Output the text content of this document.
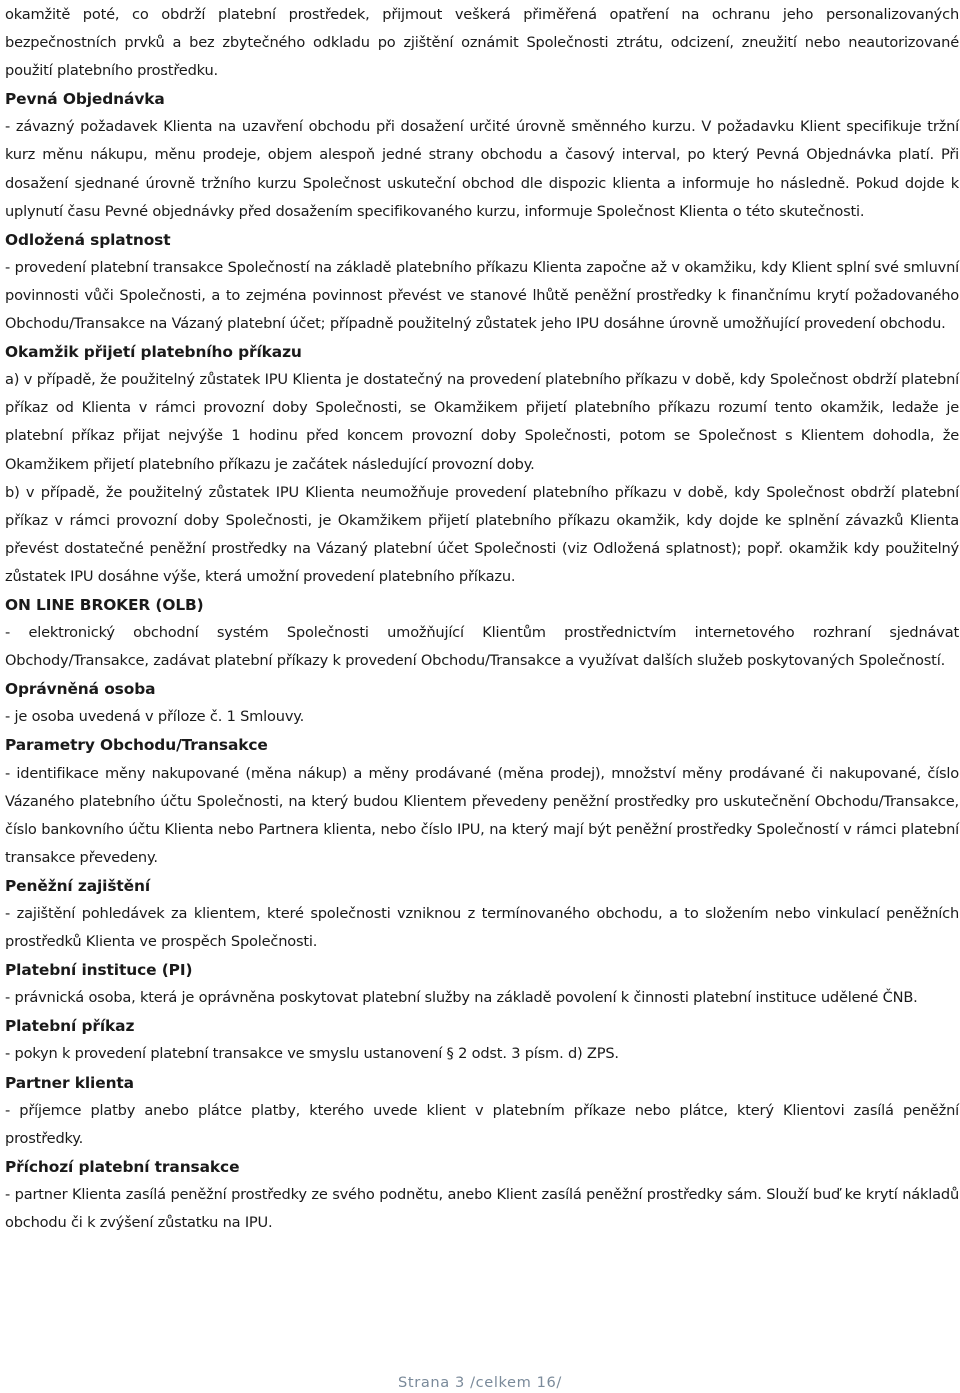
okamžitě poté, co obdrží platební prostředek, přijmout veškerá přiměřená opatření na ochranu jeho personalizovaných bezpečnostních prvků a bez zbytečného odkladu po zjištění oznámit Společnosti ztrátu, odcizení, zneužití nebo neautorizované použití platebního prostředku.

Pevná Objednávka

- závazný požadavek Klienta na uzavření obchodu při dosažení určité úrovně směnného kurzu. V požadavku Klient specifikuje tržní kurz měnu nákupu, měnu prodeje, objem alespoň jedné strany obchodu a časový interval, po který Pevná Objednávka platí. Při dosažení sjednané úrovně tržního kurzu Společnost uskuteční obchod dle dispozic klienta a informuje ho následně. Pokud dojde k uplynutí času Pevné objednávky před dosažením specifikovaného kurzu, informuje Společnost Klienta o této skutečnosti.

Odložená splatnost

- provedení platební transakce Společností na základě platebního příkazu Klienta započne až v okamžiku, kdy Klient splní své smluvní povinnosti vůči Společnosti, a to zejména povinnost převést ve stanové lhůtě peněžní prostředky k finančnímu krytí požadovaného Obchodu/Transakce na Vázaný platební účet; případně použitelný zůstatek jeho IPU dosáhne úrovně umožňující provedení obchodu.

Okamžik přijetí platebního příkazu

a) v případě, že použitelný zůstatek IPU Klienta je dostatečný na provedení platebního příkazu v době, kdy Společnost obdrží platební příkaz od Klienta v rámci provozní doby Společnosti, se Okamžikem přijetí platebního příkazu rozumí tento okamžik, ledaže je platební příkaz přijat nejvýše 1 hodinu před koncem provozní doby Společnosti, potom se Společnost s Klientem dohodla, že Okamžikem přijetí platebního příkazu je začátek následující provozní doby.

b) v případě, že použitelný zůstatek IPU Klienta neumožňuje provedení platebního příkazu v době, kdy Společnost obdrží platební příkaz v rámci provozní doby Společnosti, je Okamžikem přijetí platebního příkazu okamžik, kdy dojde ke splnění závazků Klienta převést dostatečné peněžní prostředky na Vázaný platební účet Společnosti (viz Odložená splatnost); popř. okamžik kdy použitelný zůstatek IPU dosáhne výše, která umožní provedení platebního příkazu.

ON LINE BROKER (OLB)

- elektronický obchodní systém Společnosti umožňující Klientům prostřednictvím internetového rozhraní sjednávat Obchody/Transakce, zadávat platební příkazy k provedení Obchodu/Transakce a využívat dalších služeb poskytovaných Společností.

Oprávněná osoba

- je osoba uvedená v příloze č. 1 Smlouvy.

Parametry Obchodu/Transakce

- identifikace měny nakupované (měna nákup) a měny prodávané (měna prodej), množství měny prodávané či nakupované, číslo Vázaného platebního účtu Společnosti, na který budou Klientem převedeny peněžní prostředky pro uskutečnění Obchodu/Transakce, číslo bankovního účtu Klienta nebo Partnera klienta, nebo číslo IPU, na který mají být peněžní prostředky Společností v rámci platební transakce převedeny.

Peněžní zajištění

- zajištění pohledávek za klientem, které společnosti vzniknou z termínovaného obchodu, a to složením nebo vinkulací peněžních prostředků Klienta ve prospěch Společnosti.

Platební instituce (PI)

- právnická osoba, která je oprávněna poskytovat platební služby na základě povolení k činnosti platební instituce udělené ČNB.

Platební příkaz

- pokyn k provedení platební transakce ve smyslu ustanovení § 2 odst. 3 písm. d) ZPS.

Partner klienta

- příjemce platby anebo plátce platby, kterého uvede klient v platebním příkaze nebo plátce, který Klientovi zasílá peněžní prostředky.

Příchozí platební transakce

- partner Klienta zasílá peněžní prostředky ze svého podnětu, anebo Klient zasílá peněžní prostředky sám. Slouží buď ke krytí nákladů obchodu či k zvýšení zůstatku na IPU.

Strana 3 /celkem 16/
